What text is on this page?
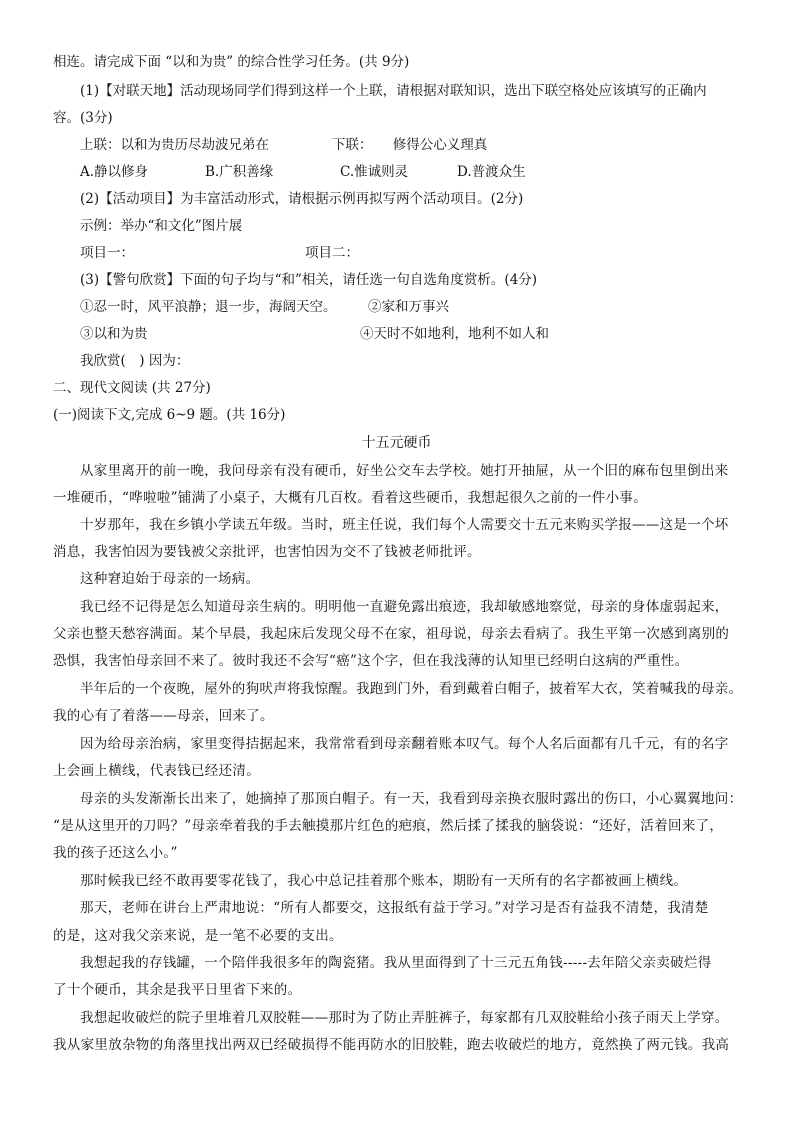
相连。请完成下面 “以和为贵” 的综合性学习任务。(共 9分)
(1)【对联天地】活动现场同学们得到这样一个上联，请根据对联知识，选出下联空格处应该填写的正确内
容。(3分)
上联：以和为贵历尽劫波兄弟在	下联：　　修得公心义理真
A.静以修身	B.广积善缘	C.惟诚则灵	D.普渡众生
(2)【活动项目】为丰富活动形式，请根据示例再拟写两个活动项目。(2分)
示例：举办“和文化”图片展
项目一：	项目二：
(3)【警句欣赏】下面的句子均与“和”相关，请任选一句自选角度赏析。(4分)
①忍一时，风平浪静；退一步，海阔天空。 ②家和万事兴
③以和为贵	④天时不如地利，地利不如人和
我欣赏(　) 因为：
二、现代文阅读 (共 27分)
(一)阅读下文,完成 6~9 题。(共 16分)
十五元硬币
从家里离开的前一晚，我问母亲有没有硬币，好坐公交车去学校。她打开抽屉，从一个旧的麻布包里倒出来
一堆硬币，“哗啦啦”铺满了小桌子，大概有几百枚。看着这些硬币，我想起很久之前的一件小事。
十岁那年，我在乡镇小学读五年级。当时，班主任说，我们每个人需要交十五元来购买学报——这是一个坏
消息，我害怕因为要钱被父亲批评，也害怕因为交不了钱被老师批评。
这种窘迫始于母亲的一场病。
我已经不记得是怎么知道母亲生病的。明明他一直避免露出痕迹，我却敏感地察觉，母亲的身体虚弱起来，
父亲也整天愁容满面。某个早晨，我起床后发现父母不在家，祖母说，母亲去看病了。我生平第一次感到离别的
恐惧，我害怕母亲回不来了。彼时我还不会写“癌”这个字，但在我浅薄的认知里已经明白这病的严重性。
半年后的一个夜晚，屋外的狗吠声将我惊醒。我跑到门外，看到戴着白帽子，披着军大衣，笑着喊我的母亲。
我的心有了着落——母亲，回来了。
因为给母亲治病，家里变得拮据起来，我常常看到母亲翻着账本叹气。每个人名后面都有几千元，有的名字
上会画上横线，代表钱已经还清。
母亲的头发渐渐长出来了，她摘掉了那顶白帽子。有一天，我看到母亲换衣服时露出的伤口，小心翼翼地问：
“是从这里开的刀吗？”母亲牵着我的手去触摸那片红色的疤痕，然后揉了揉我的脑袋说：“还好，活着回来了，
我的孩子还这么小。”
那时候我已经不敢再要零花钱了，我心中总记挂着那个账本，期盼有一天所有的名字都被画上横线。
那天，老师在讲台上严肃地说：“所有人都要交，这报纸有益于学习。”对学习是否有益我不清楚，我清楚
的是，这对我父亲来说，是一笔不必要的支出。
我想起我的存钱罐，一个陪伴我很多年的陶瓷猪。我从里面得到了十三元五角钱-----去年陪父亲卖破烂得
了十个硬币，其余是我平日里省下来的。
我想起收破烂的院子里堆着几双胶鞋——那时为了防止弄脏裤子，每家都有几双胶鞋给小孩子雨天上学穿。
我从家里放杂物的角落里找出两双已经破损得不能再防水的旧胶鞋，跑去收破烂的地方，竟然换了两元钱。我高
